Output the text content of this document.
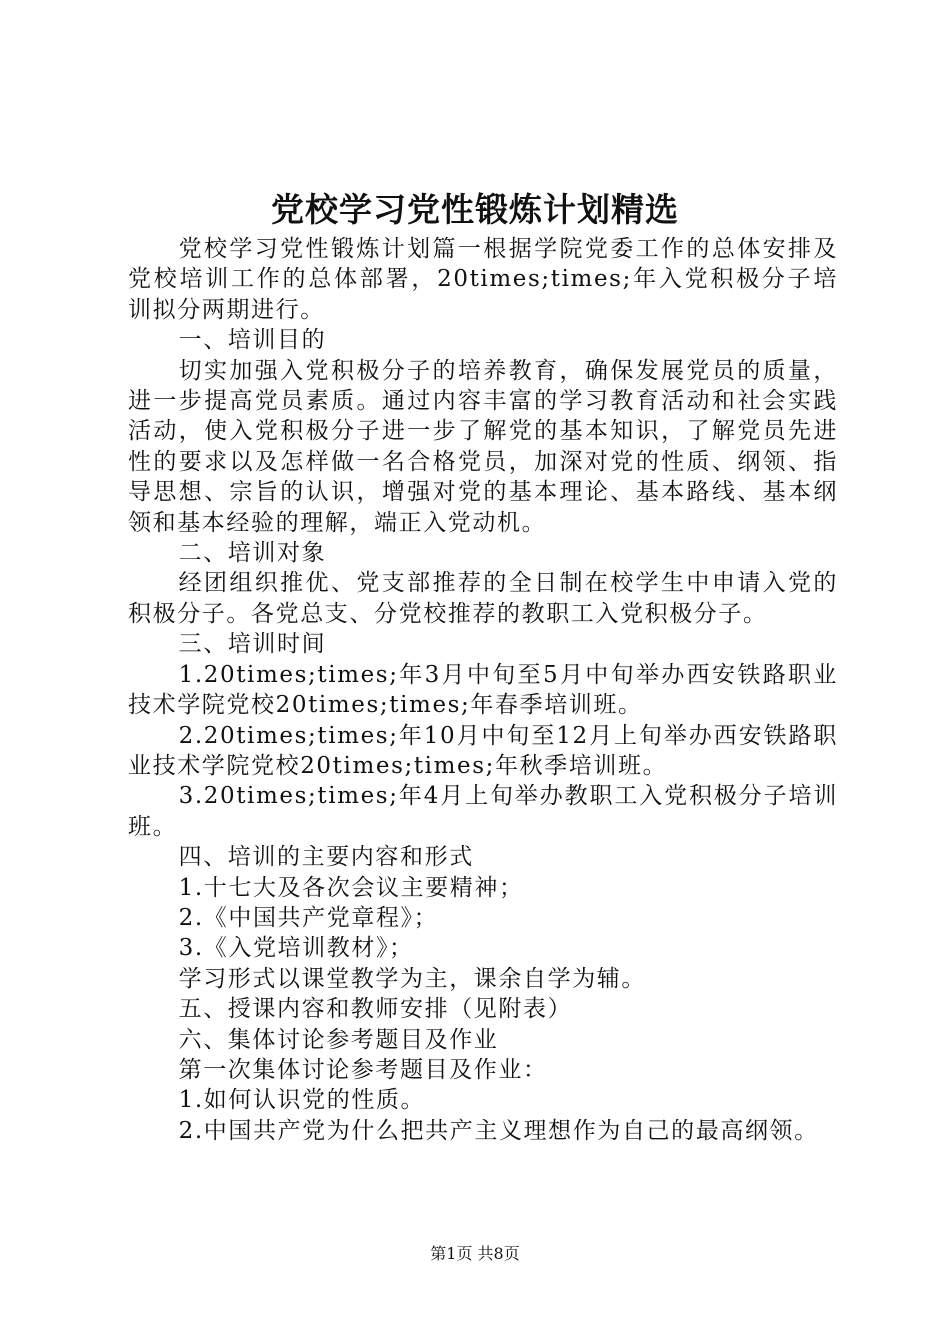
党校学习党性锻炼计划精选

党校学习党性锻炼计划篇一根据学院党委工作的总体安排及党校培训工作的总体部署，20times;times;年入党积极分子培训拟分两期进行。

一、培训目的

切实加强入党积极分子的培养教育，确保发展党员的质量，进一步提高党员素质。通过内容丰富的学习教育活动和社会实践活动，使入党积极分子进一步了解党的基本知识，了解党员先进性的要求以及怎样做一名合格党员，加深对党的性质、纲领、指导思想、宗旨的认识，增强对党的基本理论、基本路线、基本纲领和基本经验的理解，端正入党动机。

二、培训对象

经团组织推优、党支部推荐的全日制在校学生中申请入党的积极分子。各党总支、分党校推荐的教职工入党积极分子。

三、培训时间

1.20times;times;年3月中旬至5月中旬举办西安铁路职业技术学院党校20times;times;年春季培训班。

2.20times;times;年10月中旬至12月上旬举办西安铁路职业技术学院党校20times;times;年秋季培训班。

3.20times;times;年4月上旬举办教职工入党积极分子培训班。

四、培训的主要内容和形式

1.十七大及各次会议主要精神；

2.《中国共产党章程》；

3.《入党培训教材》；

学习形式以课堂教学为主，课余自学为辅。

五、授课内容和教师安排（见附表）

六、集体讨论参考题目及作业

第一次集体讨论参考题目及作业：

1.如何认识党的性质。

2.中国共产党为什么把共产主义理想作为自己的最高纲领。

第1页 共8页
